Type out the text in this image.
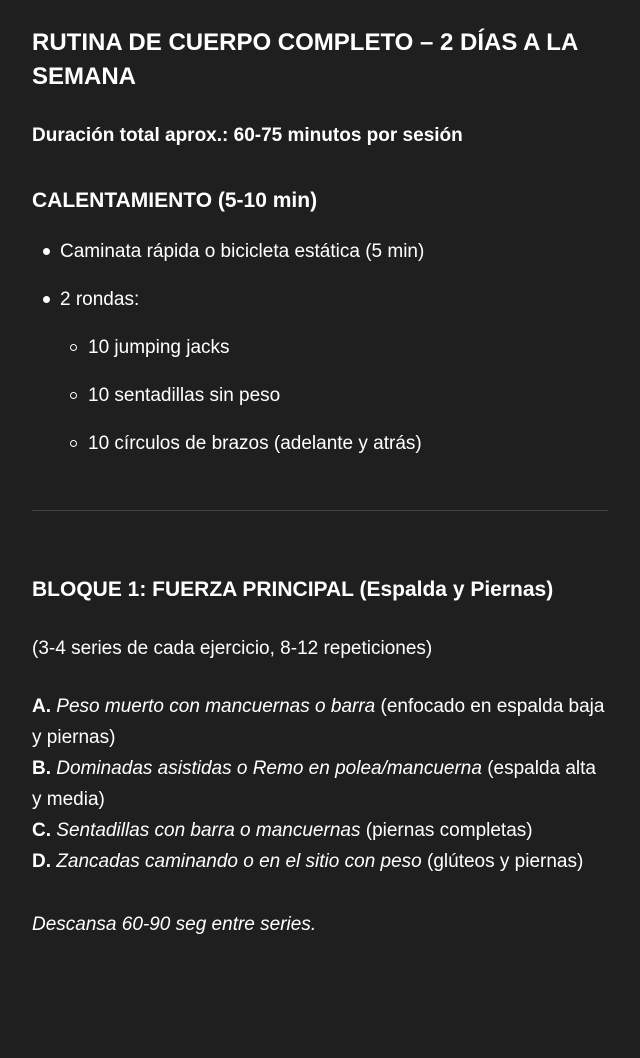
RUTINA DE CUERPO COMPLETO – 2 DÍAS A LA SEMANA

Duración total aprox.: 60-75 minutos por sesión

CALENTAMIENTO (5-10 min)
Caminata rápida o bicicleta estática (5 min)
2 rondas:
10 jumping jacks
10 sentadillas sin peso
10 círculos de brazos (adelante y atrás)
BLOQUE 1: FUERZA PRINCIPAL (Espalda y Piernas)

(3-4 series de cada ejercicio, 8-12 repeticiones)

A. Peso muerto con mancuernas o barra (enfocado en espalda baja y piernas)

B. Dominadas asistidas o Remo en polea/mancuerna (espalda alta y media)

C. Sentadillas con barra o mancuernas (piernas completas)

D. Zancadas caminando o en el sitio con peso (glúteos y piernas)

Descansa 60-90 seg entre series.
